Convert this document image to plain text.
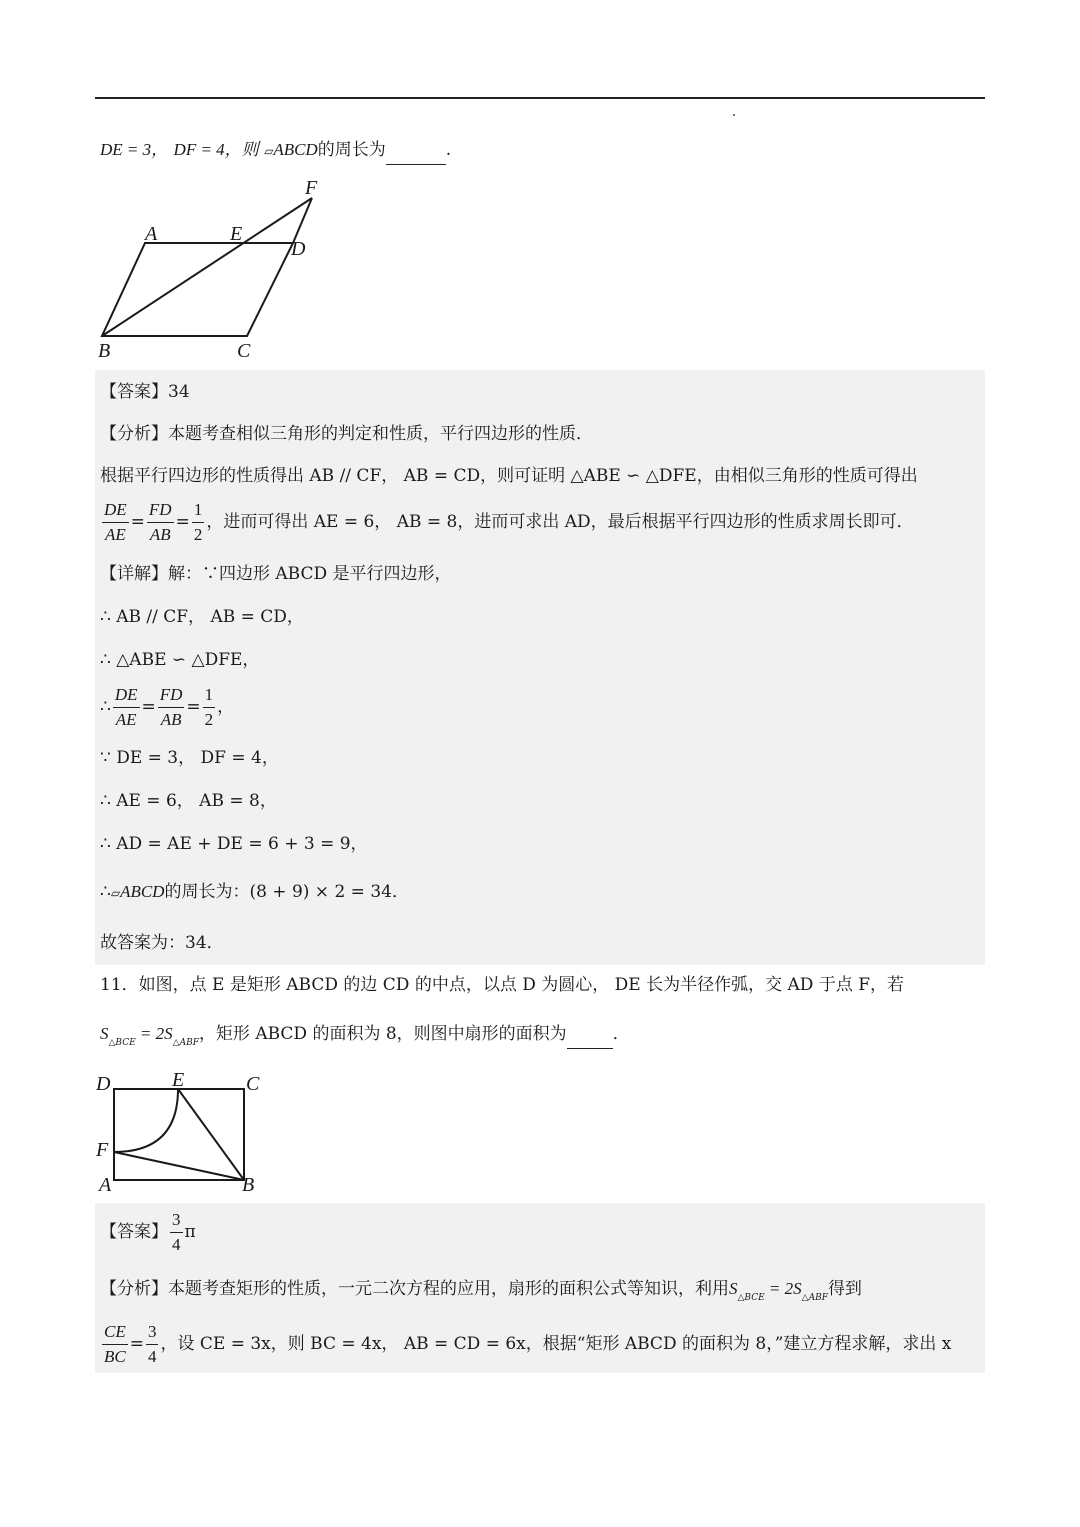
DE = 3， DF = 4，则 ▱ABCD的周长为	.
F
A	E
D
B	C
【答案】34
【分析】本题考查相似三角形的判定和性质，平行四边形的性质．
根据平行四边形的性质得出 AB // CF， AB = CD，则可证明 △ABE ∽ △DFE，由相似三角形的性质可得出
$\frac{DE}{AE} = \frac{FD}{AB} = \frac{1}{2}$ ，进而可得出 AE = 6， AB = 8，进而可求出 AD，最后根据平行四边形的性质求周长即可．
【详解】解：∵四边形 ABCD 是平行四边形，
∴ AB // CF， AB = CD，
∴ △ABE ∽ △DFE，
∴ $\frac{DE}{AE} = \frac{FD}{AB} = \frac{1}{2}$ ，
∵ DE = 3， DF = 4，
∴ AE = 6， AB = 8，
∴ AD = AE + DE = 6 + 3 = 9，
∴▱ABCD的周长为：(8 + 9) × 2 = 34．
故答案为：34．
11．如图，点 E 是矩形 ABCD 的边 CD 的中点，以点 D 为圆心， DE 长为半径作弧，交 AD 于点 F，若
$S_{\triangle BCE} = 2S_{\triangle ABF}$，矩形 ABCD 的面积为 8，则图中扇形的面积为	．
D	E	C
F
A	B
【答案】 $\frac{3}{4}$ π
【分析】本题考查矩形的性质，一元二次方程的应用，扇形的面积公式等知识，利用$S_{\triangle BCE} = 2S_{\triangle ABF}$得到
$\frac{CE}{BC} = \frac{3}{4}$ ，设 CE = 3x，则 BC = 4x， AB = CD = 6x，根据“矩形 ABCD 的面积为 8，”建立方程求解，求出 x
